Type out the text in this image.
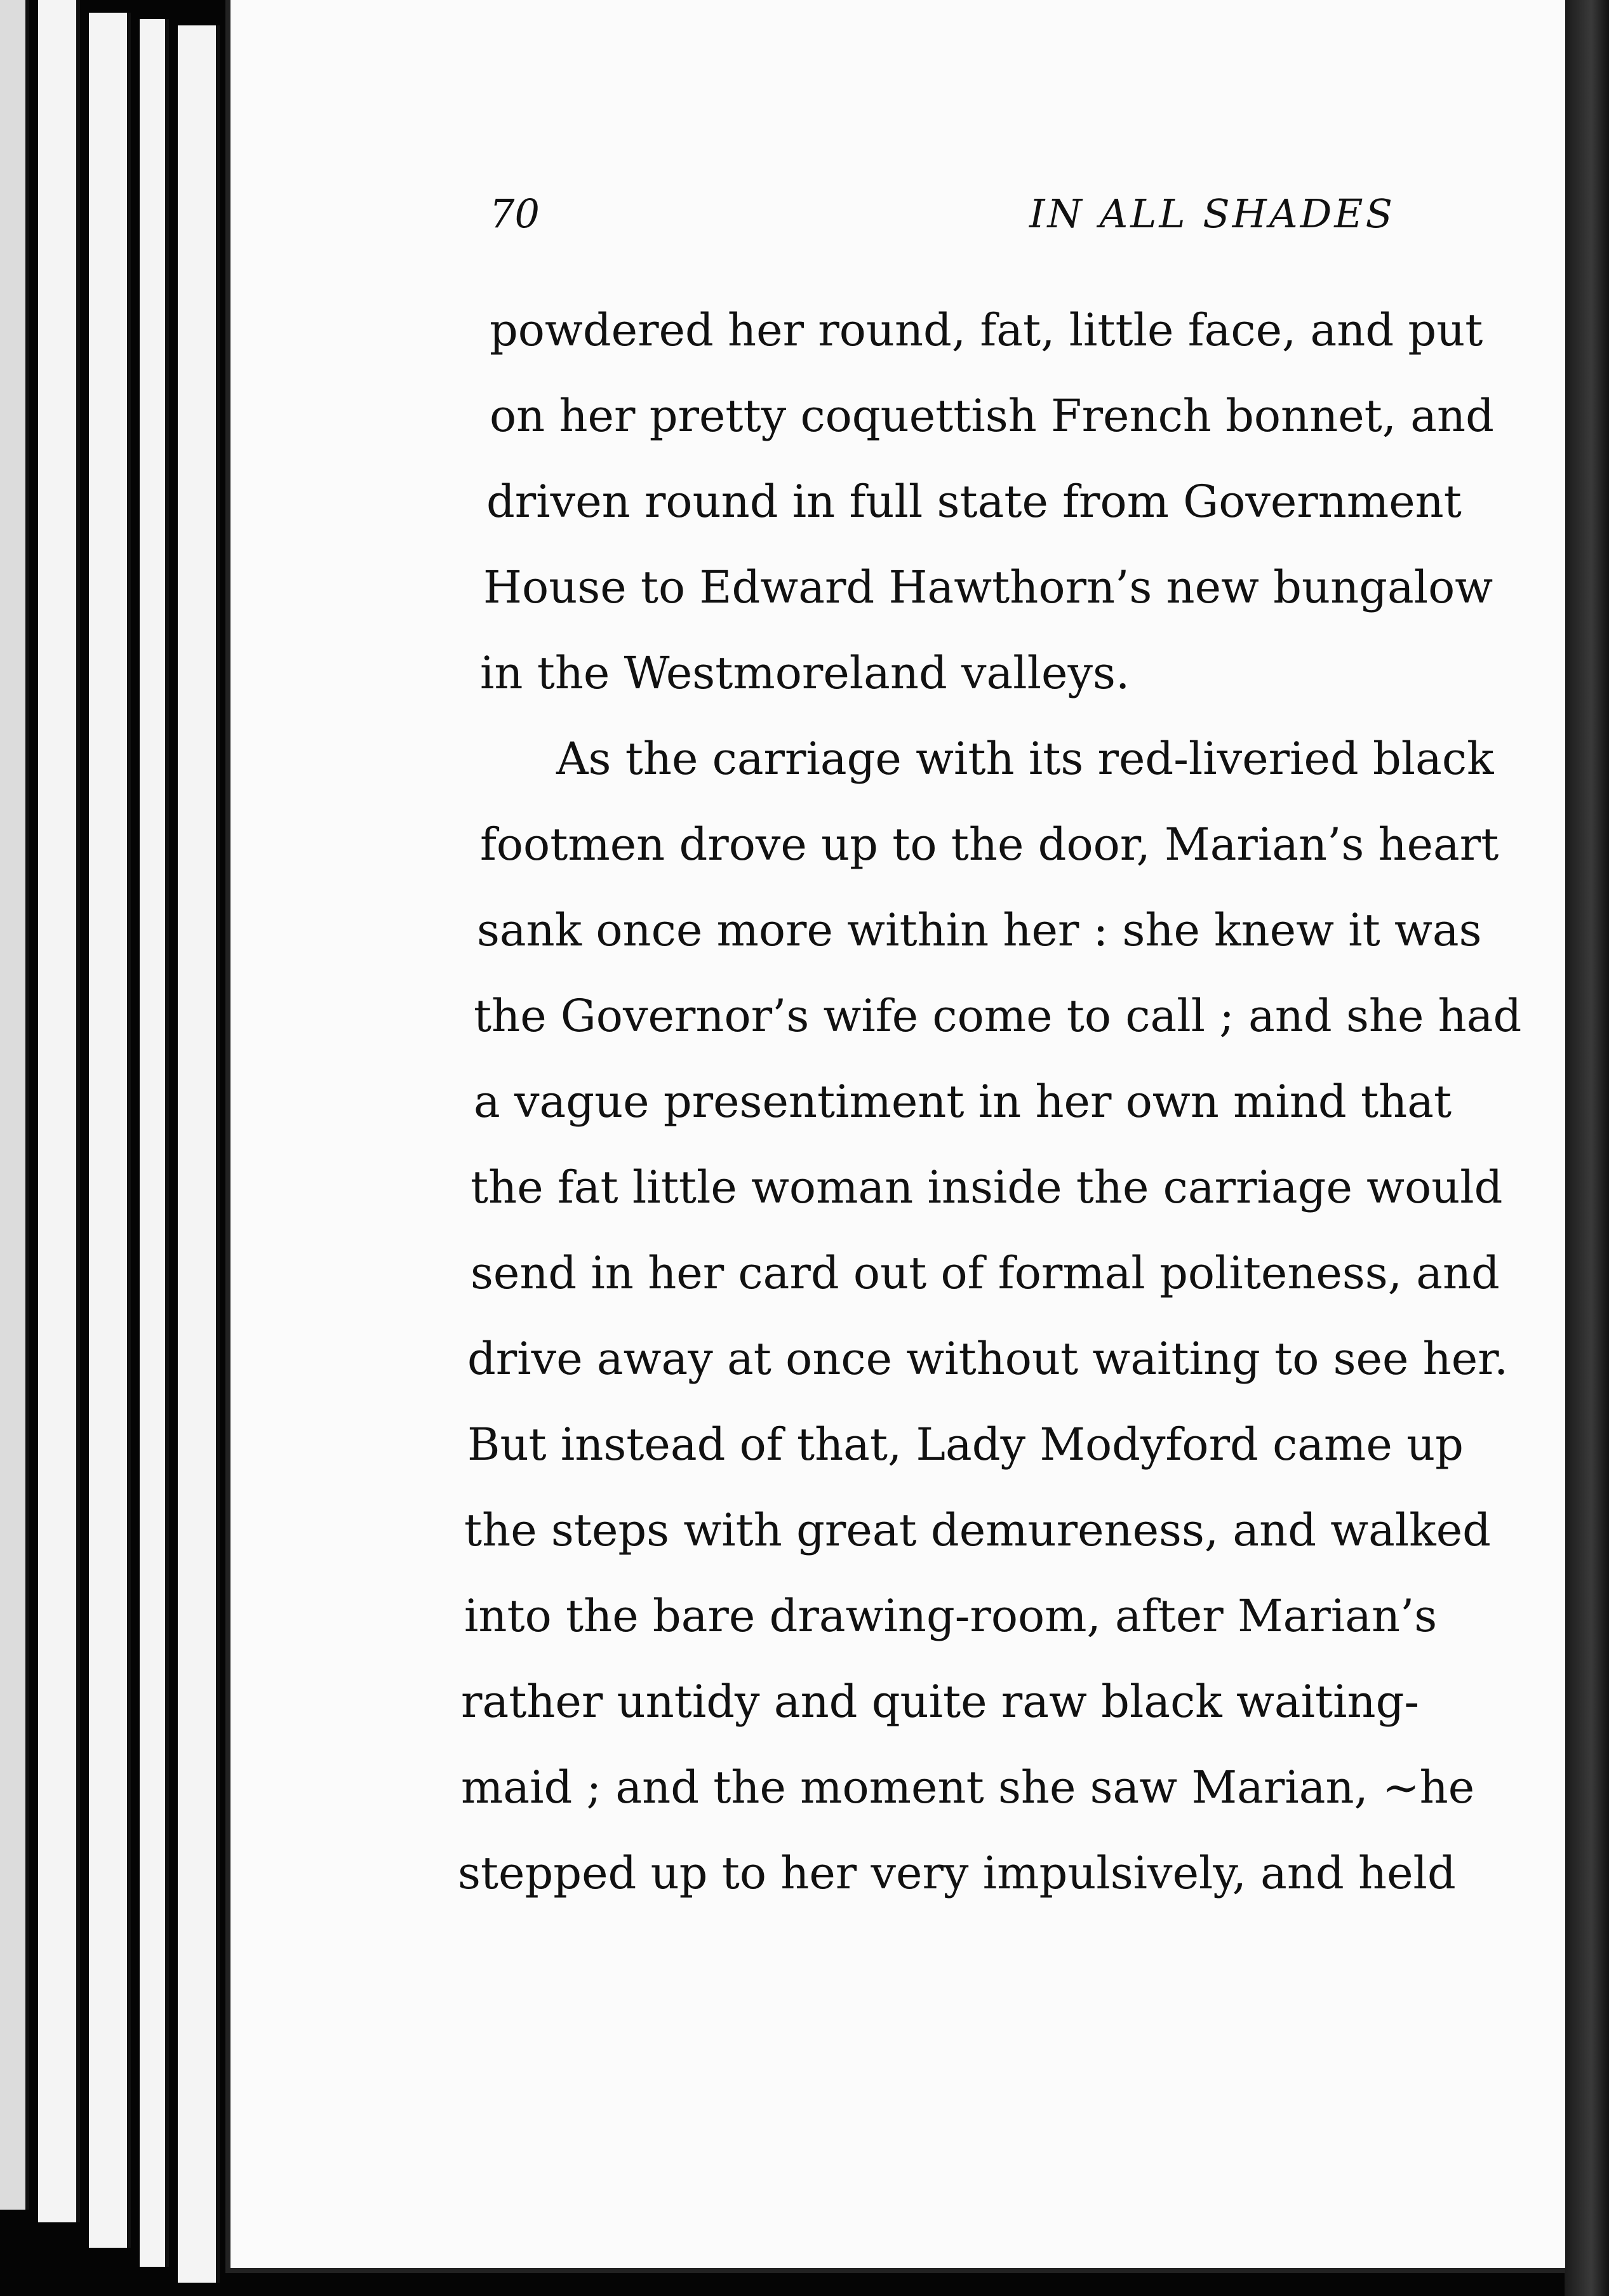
70	IN ALL SHADES
powdered her round, fat, little face, and put
on her pretty coquettish French bonnet, and
driven round in full state from Government
House to Edward Hawthorn’s new bungalow
in the Westmoreland valleys.
As the carriage with its red-liveried black
footmen drove up to the door, Marian’s heart
sank once more within her : she knew it was
the Governor’s wife come to call ; and she had
a vague presentiment in her own mind that
the fat little woman inside the carriage would
send in her card out of formal politeness, and
drive away at once without waiting to see her.
But instead of that, Lady Modyford came up
the steps with great demureness, and walked
into the bare drawing-room, after Marian’s
rather untidy and quite raw black waiting-
maid ; and the moment she saw Marian, ~he
stepped up to her very impulsively, and held
